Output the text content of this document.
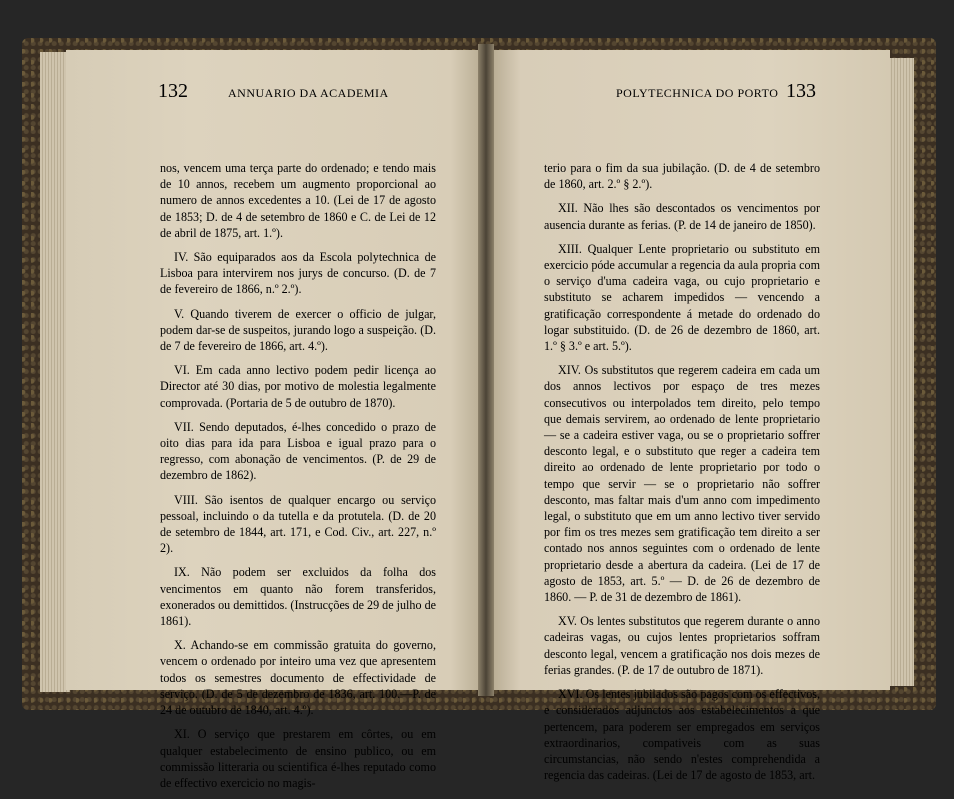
132	ANNUARIO DA ACADEMIA	POLYTECHNICA DO PORTO 133

nos, vencem uma terça parte do ordenado; e tendo mais de 10 annos, recebem um augmento proporcional ao numero de annos excedentes a 10. (Lei de 17 de agosto de 1853; D. de 4 de setembro de 1860 e C. de Lei de 12 de abril de 1875, art. 1.º).

IV. São equiparados aos da Escola polytechnica de Lisboa para intervirem nos jurys de concurso. (D. de 7 de fevereiro de 1866, n.º 2.º).

V. Quando tiverem de exercer o officio de julgar, podem dar-se de suspeitos, jurando logo a suspeição. (D. de 7 de fevereiro de 1866, art. 4.º).

VI. Em cada anno lectivo podem pedir licença ao Director até 30 dias, por motivo de molestia legalmente comprovada. (Portaria de 5 de outubro de 1870).

VII. Sendo deputados, é-lhes concedido o prazo de oito dias para ida para Lisboa e igual prazo para o regresso, com abonação de vencimentos. (P. de 29 de dezembro de 1862).

VIII. São isentos de qualquer encargo ou serviço pessoal, incluindo o da tutella e da protutela. (D. de 20 de setembro de 1844, art. 171, e Cod. Civ., art. 227, n.º 2).

IX. Não podem ser excluidos da folha dos vencimentos em quanto não forem transferidos, exonerados ou demittidos. (Instrucções de 29 de julho de 1861).

X. Achando-se em commissão gratuita do governo, vencem o ordenado por inteiro uma vez que apresentem todos os semestres documento de effectividade de serviço. (D. de 5 de dezembro de 1836, art. 100.—P. de 24 de outubro de 1840, art. 4.º).

XI. O serviço que prestarem em côrtes, ou em qualquer estabelecimento de ensino publico, ou em commissão litteraria ou scientifica é-lhes reputado como de effectivo exercicio no magis-

terio para o fim da sua jubilação. (D. de 4 de setembro de 1860, art. 2.º § 2.º).

XII. Não lhes são descontados os vencimentos por ausencia durante as ferias. (P. de 14 de janeiro de 1850).

XIII. Qualquer Lente proprietario ou substituto em exercicio póde accumular a regencia da aula propria com o serviço d'uma cadeira vaga, ou cujo proprietario e substituto se acharem impedidos — vencendo a gratificação correspondente á metade do ordenado do logar substituido. (D. de 26 de dezembro de 1860, art. 1.º § 3.º e art. 5.º).

XIV. Os substitutos que regerem cadeira em cada um dos annos lectivos por espaço de tres mezes consecutivos ou interpolados tem direito, pelo tempo que demais servirem, ao ordenado de lente proprietario — se a cadeira estiver vaga, ou se o proprietario soffrer desconto legal, e o substituto que reger a cadeira tem direito ao ordenado de lente proprietario por todo o tempo que servir — se o proprietario não soffrer desconto, mas faltar mais d'um anno com impedimento legal, o substituto que em um anno lectivo tiver servido por fim os tres mezes sem gratificação tem direito a ser contado nos annos seguintes com o ordenado de lente proprietario desde a abertura da cadeira. (Lei de 17 de agosto de 1853, art. 5.º — D. de 26 de dezembro de 1860. — P. de 31 de dezembro de 1861).

XV. Os lentes substitutos que regerem durante o anno cadeiras vagas, ou cujos lentes proprietarios soffram desconto legal, vencem a gratificação nos dois mezes de ferias grandes. (P. de 17 de outubro de 1871).

XVI. Os lentes jubilados são pagos com os effectivos, e considerados adjunctos aos estabelecimentos a que pertencem, para poderem ser empregados em serviços extraordinarios, compativeis com as suas circumstancias, não sendo n'estes comprehendida a regencia das cadeiras. (Lei de 17 de agosto de 1853, art.
